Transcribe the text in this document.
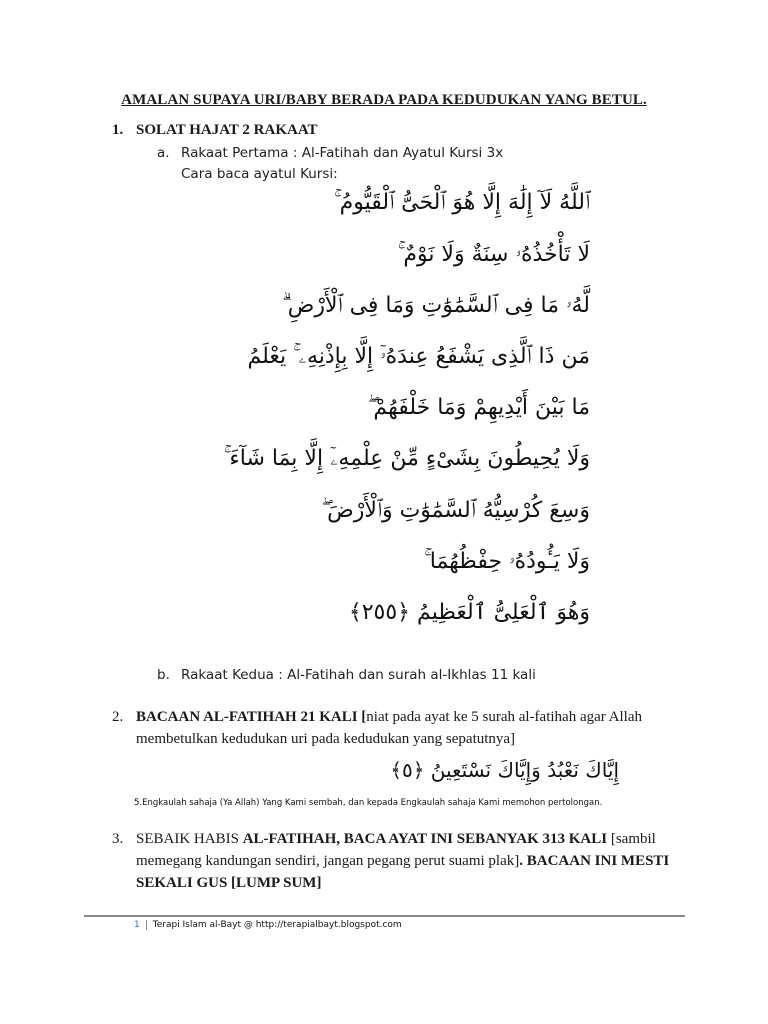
AMALAN SUPAYA URI/BABY BERADA PADA KEDUDUKAN YANG BETUL.
1. SOLAT HAJAT 2 RAKAAT
a. Rakaat Pertama : Al-Fatihah dan Ayatul Kursi 3x
Cara baca ayatul Kursi:
ٱللَّهُ لَآ إِلَٰهَ إِلَّا هُوَ ٱلْحَىُّ ٱلْقَيُّومُ ۚ
لَا تَأْخُذُهُۥ سِنَةٌ وَلَا نَوْمٌ ۚ
لَّهُۥ مَا فِى ٱلسَّمَٰوَٰتِ وَمَا فِى ٱلْأَرْضِ ۗ
مَن ذَا ٱلَّذِى يَشْفَعُ عِندَهُۥٓ إِلَّا بِإِذْنِهِۦ ۚ يَعْلَمُ
مَا بَيْنَ أَيْدِيهِمْ وَمَا خَلْفَهُمْ ۖ
وَلَا يُحِيطُونَ بِشَىْءٍ مِّنْ عِلْمِهِۦٓ إِلَّا بِمَا شَآءَ ۚ
وَسِعَ كُرْسِيُّهُ ٱلسَّمَٰوَٰتِ وَٱلْأَرْضَ ۖ
وَلَا يَـُٔودُهُۥ حِفْظُهُمَا ۚ
وَهُوَ ٱلْعَلِىُّ ٱلْعَظِيمُ ﴿٢٥٥﴾
b. Rakaat Kedua : Al-Fatihah dan surah al-Ikhlas 11 kali
2. BACAAN AL-FATIHAH 21 KALI [niat pada ayat ke 5 surah al-fatihah agar Allah membetulkan kedudukan uri pada kedudukan yang sepatutnya]
إِيَّاكَ نَعْبُدُ وَإِيَّاكَ نَسْتَعِينُ ﴿٥﴾
5.Engkaulah sahaja (Ya Allah) Yang Kami sembah, dan kepada Engkaulah sahaja Kami memohon pertolongan.
3. SEBAIK HABIS AL-FATIHAH, BACA AYAT INI SEBANYAK 313 KALI [sambil memegang kandungan sendiri, jangan pegang perut suami plak]. BACAAN INI MESTI SEKALI GUS [LUMP SUM]
1	Terapi Islam al-Bayt @ http://terapialbayt.blogspot.com
